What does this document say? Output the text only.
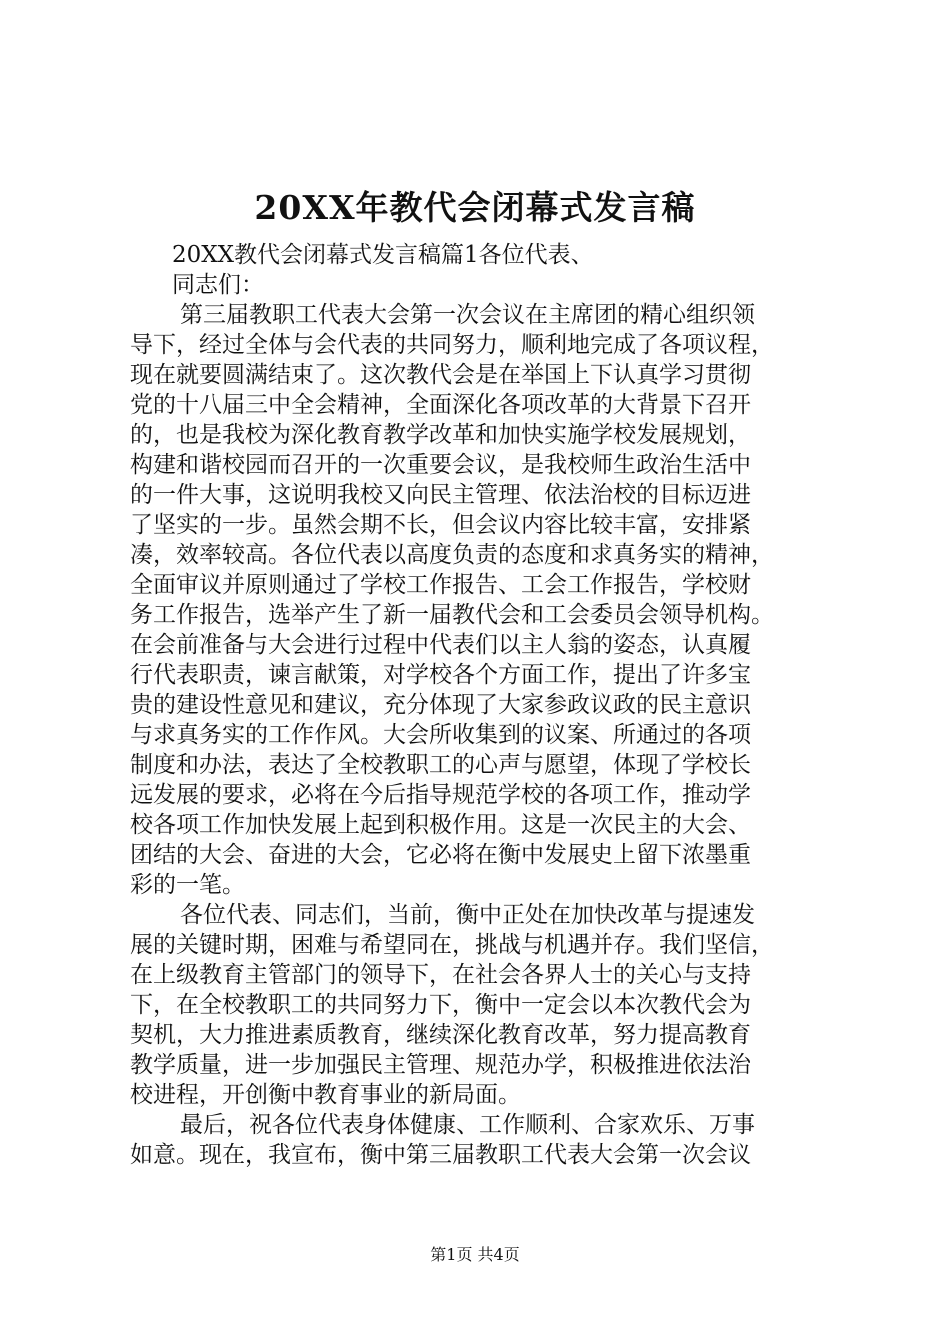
20XX年教代会闭幕式发言稿
20XX教代会闭幕式发言稿篇1各位代表、
同志们：
第三届教职工代表大会第一次会议在主席团的精心组织领
导下，经过全体与会代表的共同努力，顺利地完成了各项议程，
现在就要圆满结束了。这次教代会是在举国上下认真学习贯彻
党的十八届三中全会精神，全面深化各项改革的大背景下召开
的，也是我校为深化教育教学改革和加快实施学校发展规划，
构建和谐校园而召开的一次重要会议，是我校师生政治生活中
的一件大事，这说明我校又向民主管理、依法治校的目标迈进
了坚实的一步。虽然会期不长，但会议内容比较丰富，安排紧
凑，效率较高。各位代表以高度负责的态度和求真务实的精神，
全面审议并原则通过了学校工作报告、工会工作报告，学校财
务工作报告，选举产生了新一届教代会和工会委员会领导机构。
在会前准备与大会进行过程中代表们以主人翁的姿态，认真履
行代表职责，谏言献策，对学校各个方面工作，提出了许多宝
贵的建设性意见和建议，充分体现了大家参政议政的民主意识
与求真务实的工作作风。大会所收集到的议案、所通过的各项
制度和办法，表达了全校教职工的心声与愿望，体现了学校长
远发展的要求，必将在今后指导规范学校的各项工作，推动学
校各项工作加快发展上起到积极作用。这是一次民主的大会、
团结的大会、奋进的大会，它必将在衡中发展史上留下浓墨重
彩的一笔。
各位代表、同志们，当前，衡中正处在加快改革与提速发
展的关键时期，困难与希望同在，挑战与机遇并存。我们坚信，
在上级教育主管部门的领导下，在社会各界人士的关心与支持
下，在全校教职工的共同努力下，衡中一定会以本次教代会为
契机，大力推进素质教育，继续深化教育改革，努力提高教育
教学质量，进一步加强民主管理、规范办学，积极推进依法治
校进程，开创衡中教育事业的新局面。
最后，祝各位代表身体健康、工作顺利、合家欢乐、万事
如意。现在，我宣布，衡中第三届教职工代表大会第一次会议
第1页 共4页
